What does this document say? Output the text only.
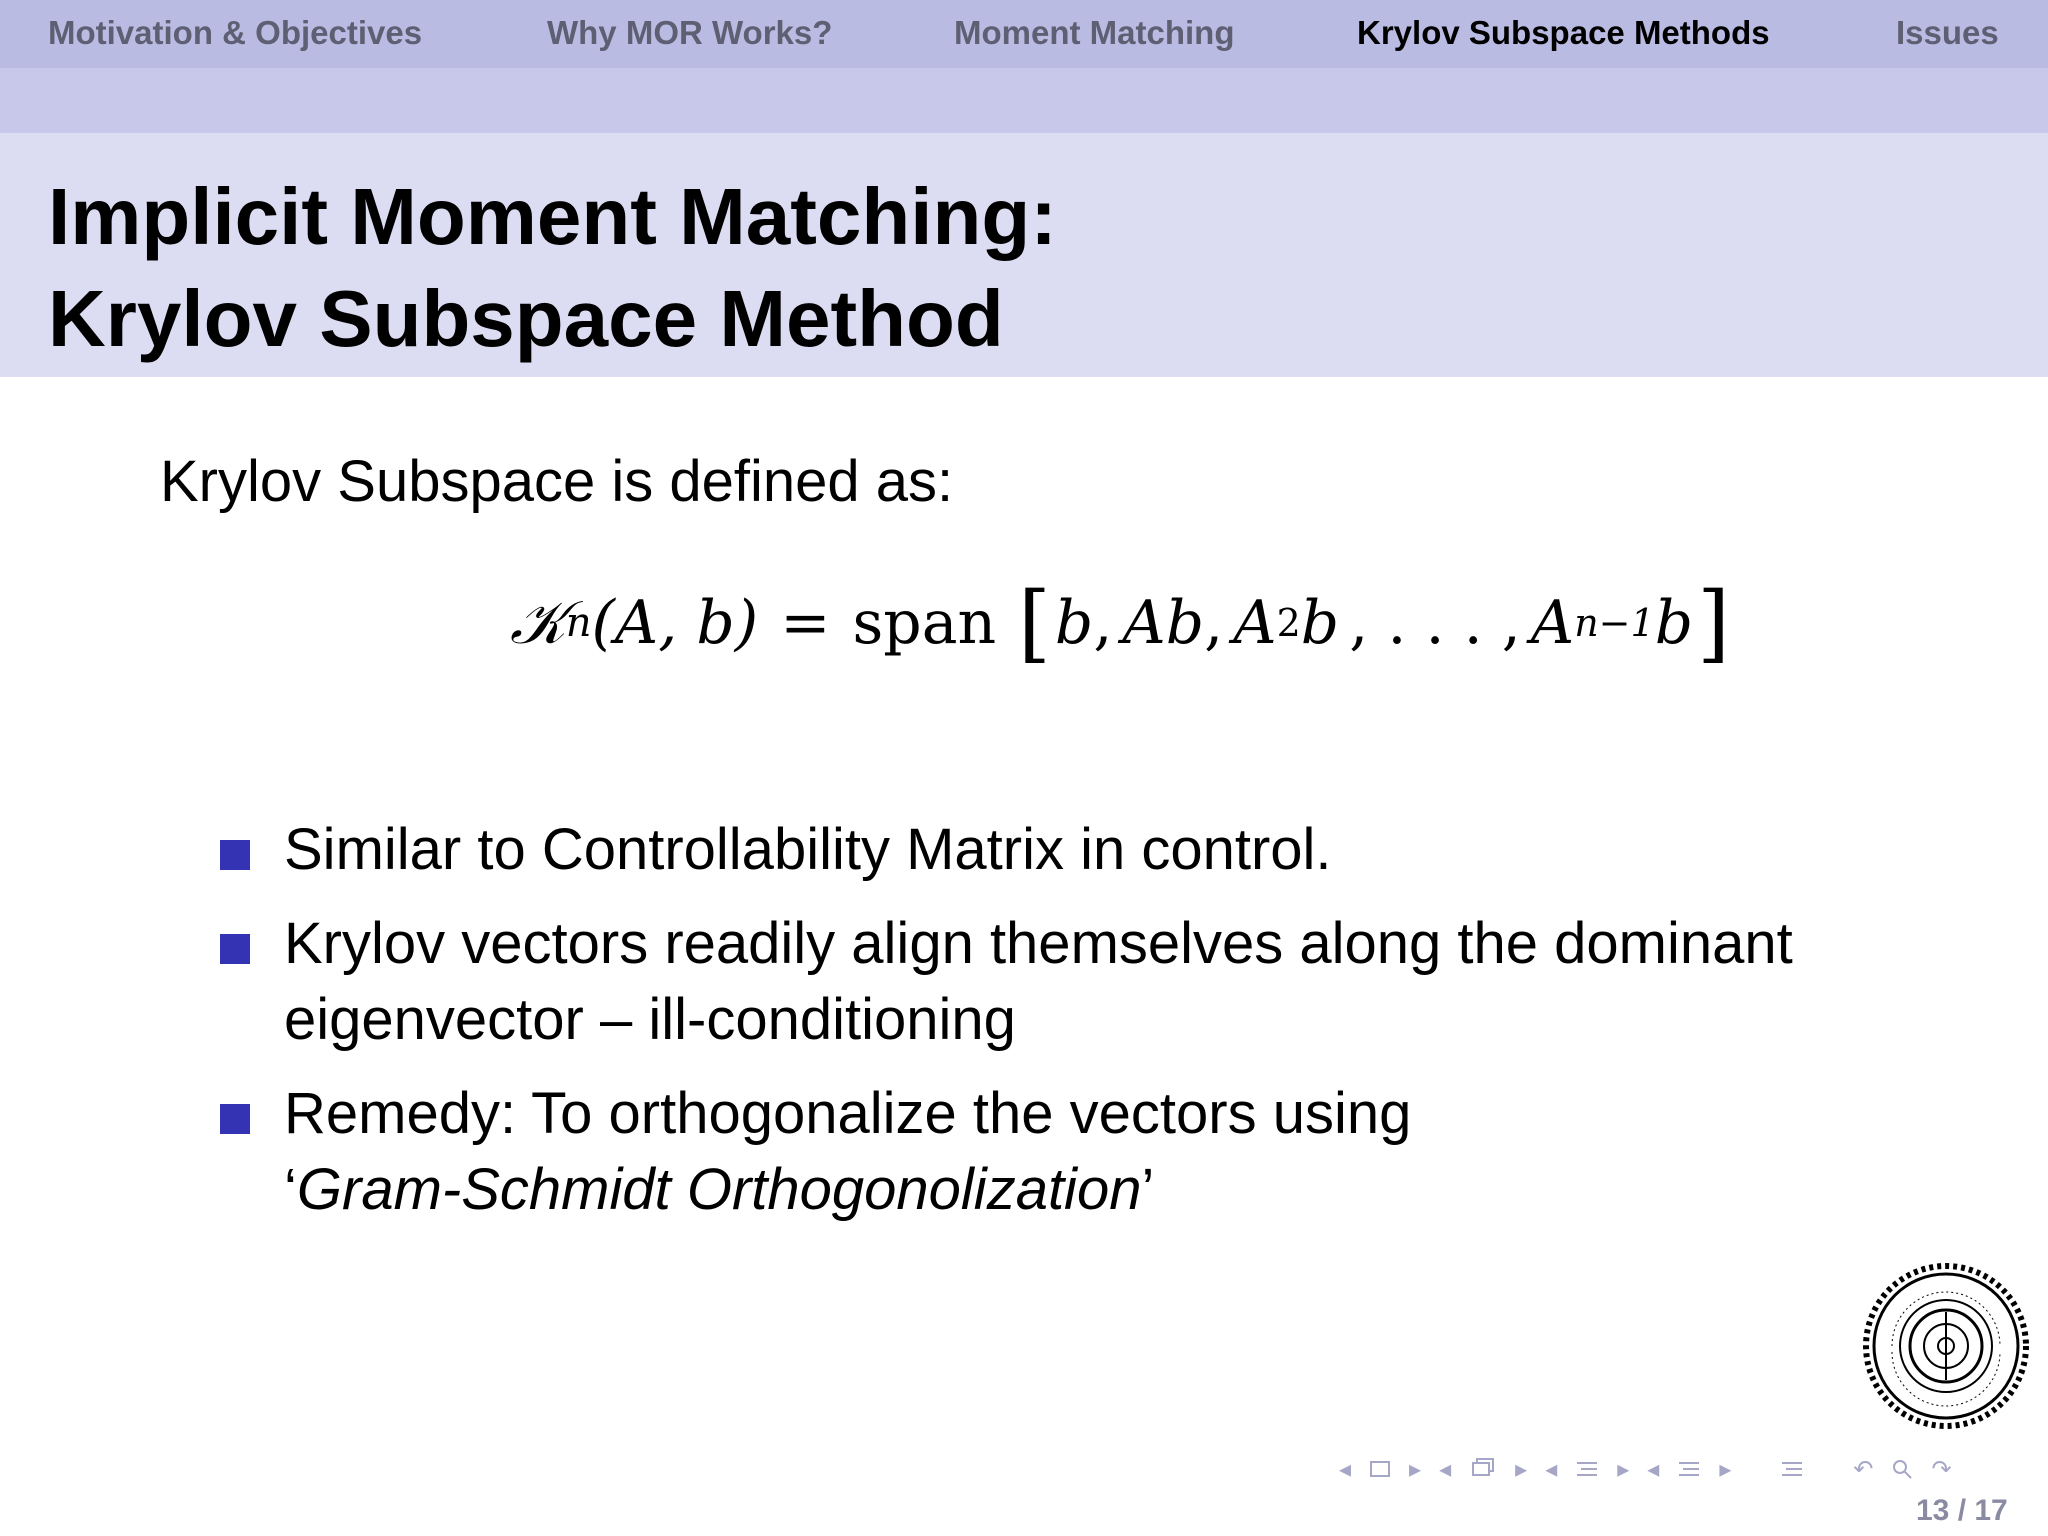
Motivation & Objectives	Why MOR Works?	Moment Matching	Krylov Subspace Methods	Issues
Implicit Moment Matching:
Krylov Subspace Method
Krylov Subspace is defined as:
𝒦 n (A, b) = span [ b , Ab , A 2 b , . . . , A n−1 b ]
Similar to Controllability Matrix in control.
Krylov vectors readily align themselves along the dominant eigenvector – ill-conditioning
Remedy: To orthogonalize the vectors using ‘Gram-Schmidt Orthogonolization’
◂ ▸ ◂	▸ ◂	▸ ◂	▸	↶ ↷
13 / 17
